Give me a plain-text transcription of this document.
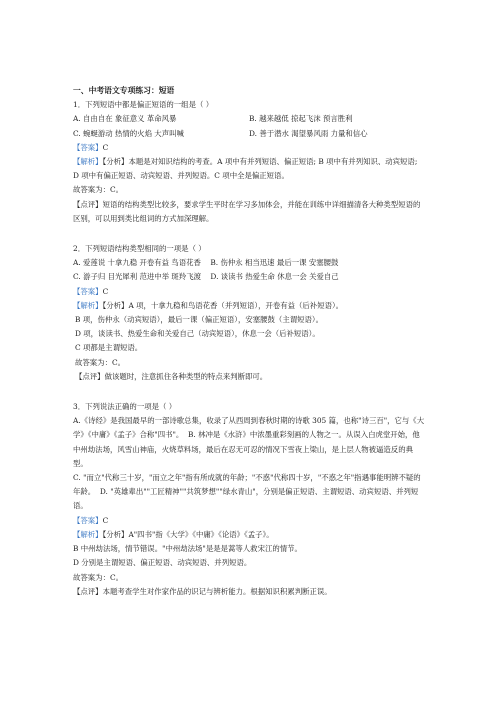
一、中考语文专项练习：短语
1．下列短语中都是偏正短语的一组是（ ）
A. 自由自在 象征意义 革命风暴	B. 越来越低 掠起飞沫 预言胜利
C. 蜿蜒游动 热情的火焰 大声叫喊	D. 善于潜水 渴望暴风雨 力量和信心
【答案】C
【解析】【分析】本题是对知识结构的考查。A 项中有并列短语、偏正短语; B 项中有并列知识、动宾短语; D 项中有偏正短语、动宾短语、并列短语。C 项中全是偏正短语。
故答案为：C。
【点评】短语的结构类型比较多，要求学生平时在学习多加体会，并能在训练中详细描清各大种类型短语的区别，可以用到类比组词的方式加深理解。
2．下列短语结构类型相同的一项是（ ）
A. 爱莲说 十拿九稳 开卷有益 鸟语花香 B. 伤仲永 相当迅速 最后一课 安塞腰鼓
C. 游子归 目光犀利 范进中举 斑羚飞渡 D. 谈读书 热爱生命 休息一会 关爱自己
【答案】C
【解析】【分析】A 项，十拿九稳和鸟语花香（并列短语），开卷有益（后补短语）。
B 项，伤仲永（动宾短语），最后一课（偏正短语），安塞腰鼓（主谓短语）。
D 项，谈读书、热爱生命和关爱自己（动宾短语），休息一会（后补短语）。
C 项都是主谓短语。
故答案为：C。
【点评】做该题时，注意抓住各种类型的特点来判断即可。
3．下列说法正确的一项是（ ）
A.《诗经》是我国最早的一部诗歌总集，收录了从西周到春秋时期的诗歌 305 篇，也称"诗三百"，它与《大学》《中庸》《孟子》合称"四书"。 B. 林冲是《水浒》中浓墨重彩刻画的人物之一。从误入白虎堂开始，他中州劫法场，风雪山神庙，火烧草料场，最后在忍无可忍的情况下雪夜上梁山，是上层人物被逼造反的典型。
C. "而立"代称三十岁，"而立之年"指有所成就的年龄；"不惑"代称四十岁，"不惑之年"指遇事能明辨不疑的年龄。 D. "英雄辈出""工匠精神""共筑梦想""绿水青山"，分别是偏正短语、主谓短语、动宾短语、并列短语。
【答案】C
【解析】【分析】A"四书"指《大学》《中庸》《论语》《孟子》。
B 中州劫法场，情节错误。"中州劫法场"是是是蒿等人救宋江的情节。
D 分别是主谓短语、偏正短语、动宾短语、并列短语。
故答案为：C。
【点评】本题考查学生对作家作品的识记与辨析能力。根据知识积累判断正误。
